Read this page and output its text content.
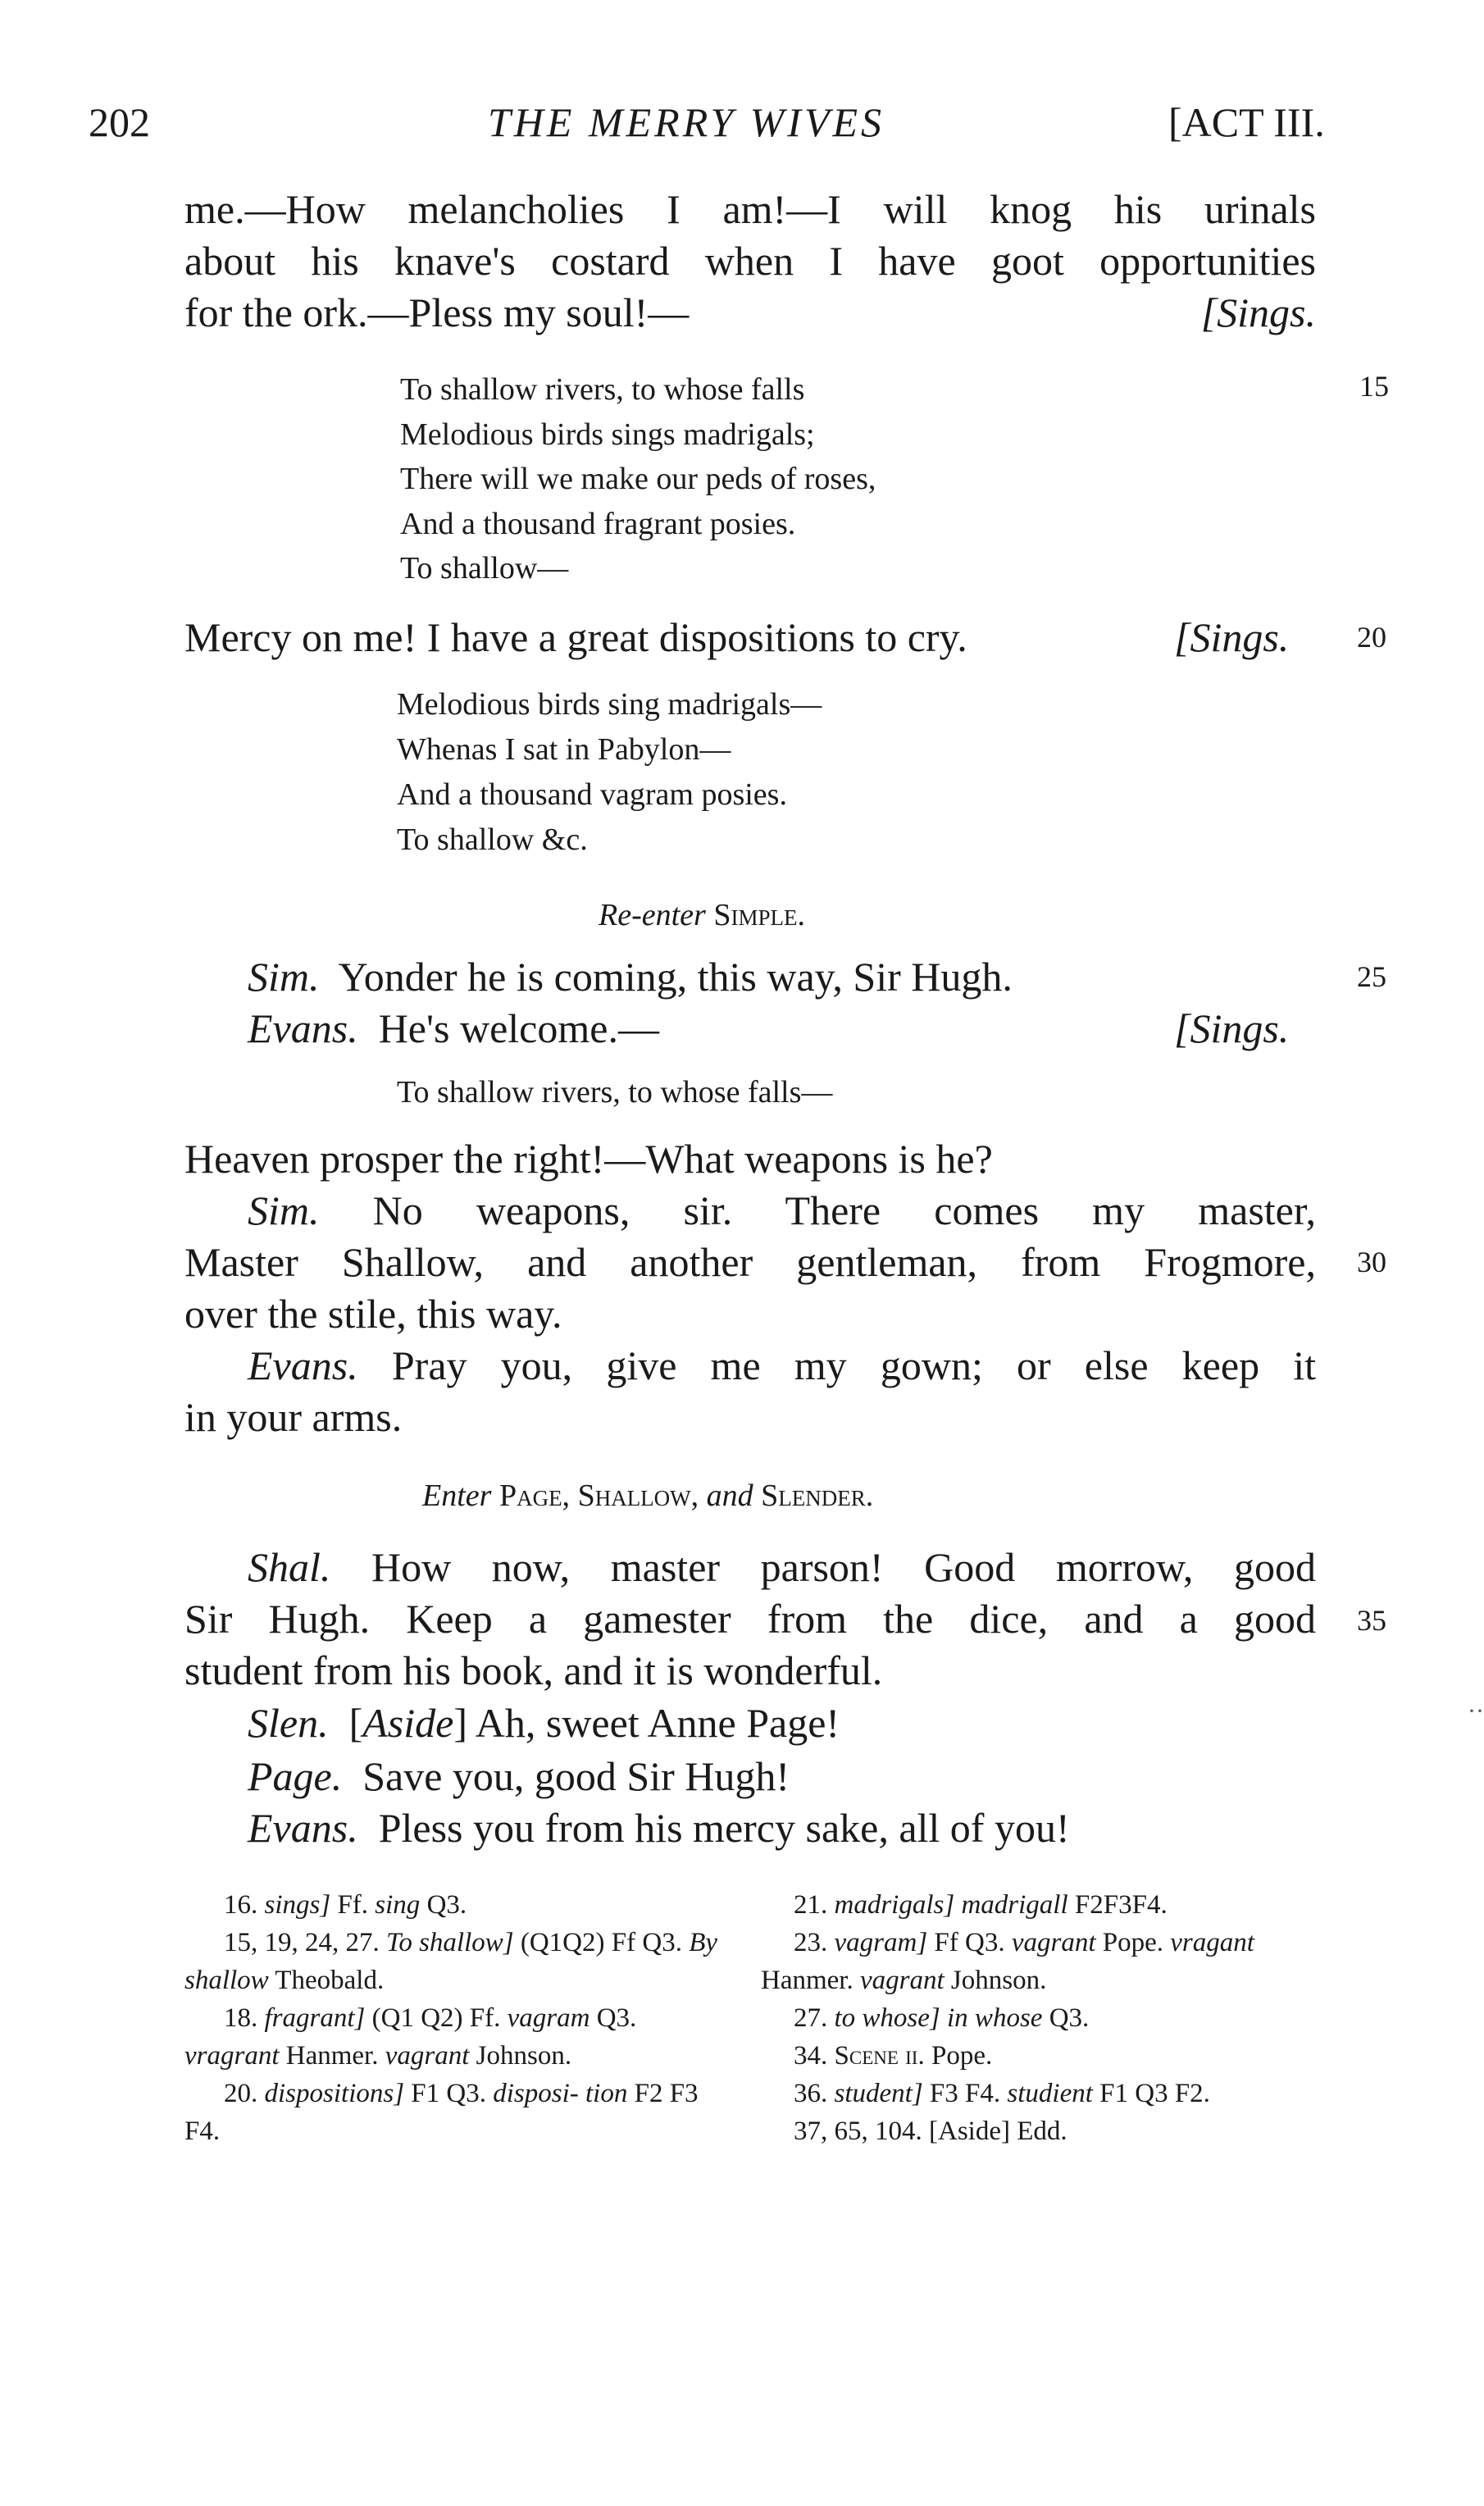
202	THE MERRY WIVES	[ACT III.
me.—How melancholies I am!—I will knog his urinals
about his knave's costard when I have goot opportunities
for the ork.—Pless my soul!—	[Sings.
To shallow rivers, to whose falls
Melodious birds sings madrigals;
There will we make our peds of roses,
And a thousand fragrant posies.
To shallow—
15
Mercy on me! I have a great dispositions to cry.	[Sings. 20
Melodious birds sing madrigals—
Whenas I sat in Pabylon—
And a thousand vagram posies.
To shallow &c.
Re-enter Simple.
Sim. Yonder he is coming, this way, Sir Hugh.	25
Evans. He's welcome.—	[Sings.
To shallow rivers, to whose falls—
Heaven prosper the right!—What weapons is he?
Sim. No weapons, sir. There comes my master,
Master Shallow, and another gentleman, from Frogmore,
over the stile, this way.
30
Evans. Pray you, give me my gown; or else keep it
in your arms.
Enter Page, Shallow, and Slender.
Shal. How now, master parson! Good morrow, good
Sir Hugh. Keep a gamester from the dice, and a good
student from his book, and it is wonderful.
35
Slen. [Aside] Ah, sweet Anne Page!	··
Page. Save you, good Sir Hugh!
Evans. Pless you from his mercy sake, all of you!
16. sings] Ff. sing Q3.
15, 19, 24, 27. To shallow] (Q1Q2) Ff Q3. By shallow Theobald.
18. fragrant] (Q1 Q2) Ff. vagram Q3. vragrant Hanmer. vagrant Johnson.
20. dispositions] F1 Q3. disposi- tion F2 F3 F4.
21. madrigals] madrigall F2F3F4.
23. vagram] Ff Q3. vagrant Pope. vragant Hanmer. vagrant Johnson.
27. to whose] in whose Q3.
34. Scene ii. Pope.
36. student] F3 F4. studient F1 Q3 F2.
37, 65, 104. [Aside] Edd.
